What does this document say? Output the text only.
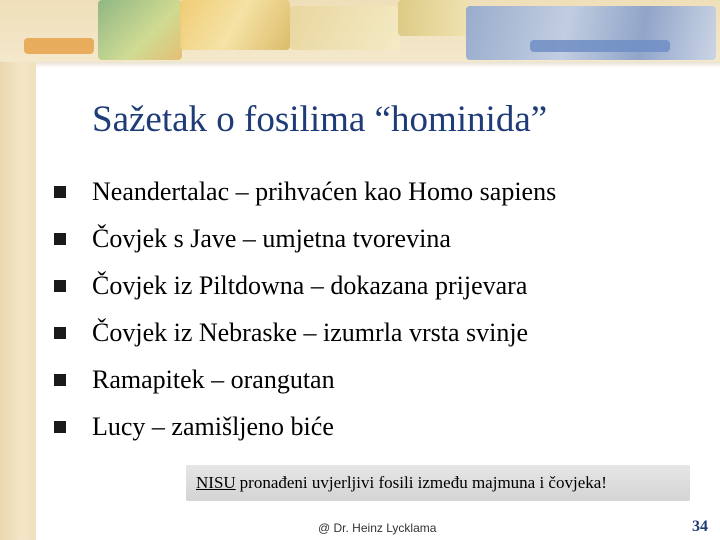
Sažetak o fosilima “hominida”
Neandertalac – prihvaćen kao Homo sapiens
Čovjek s Jave – umjetna tvorevina
Čovjek iz Piltdowna – dokazana prijevara
Čovjek iz Nebraske – izumrla vrsta svinje
Ramapitek – orangutan
Lucy – zamišljeno biće
NISU pronađeni uvjerljivi fosili između majmuna i čovjeka!
@ Dr. Heinz Lycklama	34
